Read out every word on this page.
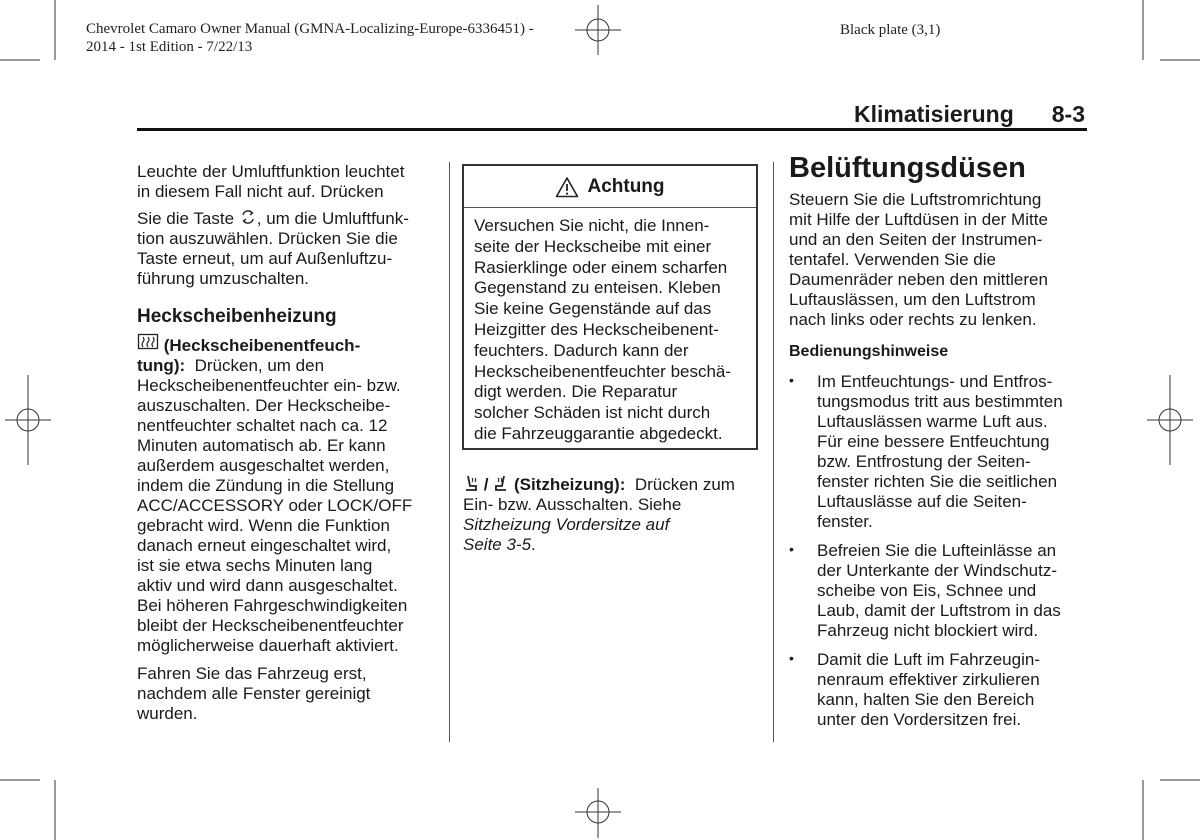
Chevrolet Camaro Owner Manual (GMNA-Localizing-Europe-6336451) -
2014 - 1st Edition - 7/22/13
Black plate (3,1)
Klimatisierung 8-3

Leuchte der Umluftfunktion leuchtet
in diesem Fall nicht auf. Drücken
Sie die Taste , um die Umluftfunk-
tion auszuwählen. Drücken Sie die
Taste erneut, um auf Außenluftzu-
führung umzuschalten.

Heckscheibenheizung

(Heckscheibenentfeuch-
tung): Drücken, um den
Heckscheibenentfeuchter ein- bzw.
auszuschalten. Der Heckscheibe-
nentfeuchter schaltet nach ca. 12
Minuten automatisch ab. Er kann
außerdem ausgeschaltet werden,
indem die Zündung in die Stellung
ACC/ACCESSORY oder LOCK/OFF
gebracht wird. Wenn die Funktion
danach erneut eingeschaltet wird,
ist sie etwa sechs Minuten lang
aktiv und wird dann ausgeschaltet.
Bei höheren Fahrgeschwindigkeiten
bleibt der Heckscheibenentfeuchter
möglicherweise dauerhaft aktiviert.

Fahren Sie das Fahrzeug erst,
nachdem alle Fenster gereinigt
wurden.

Achtung
Versuchen Sie nicht, die Innen-
seite der Heckscheibe mit einer
Rasierklinge oder einem scharfen
Gegenstand zu enteisen. Kleben
Sie keine Gegenstände auf das
Heizgitter des Heckscheibenent-
feuchters. Dadurch kann der
Heckscheibenentfeuchter beschä-
digt werden. Die Reparatur
solcher Schäden ist nicht durch
die Fahrzeuggarantie abgedeckt.
/ (Sitzheizung): Drücken zum
Ein- bzw. Ausschalten. Siehe
Sitzheizung Vordersitze auf
Seite 3-5.
Belüftungsdüsen

Steuern Sie die Luftstromrichtung
mit Hilfe der Luftdüsen in der Mitte
und an den Seiten der Instrumen-
tentafel. Verwenden Sie die
Daumenräder neben den mittleren
Luftauslässen, um den Luftstrom
nach links oder rechts zu lenken.

Bedienungshinweise
• Im Entfeuchtungs- und Entfros-
tungsmodus tritt aus bestimmten
Luftauslässen warme Luft aus.
Für eine bessere Entfeuchtung
bzw. Entfrostung der Seiten-
fenster richten Sie die seitlichen
Luftauslässe auf die Seiten-
fenster.
• Befreien Sie die Lufteinlässe an
der Unterkante der Windschutz-
scheibe von Eis, Schnee und
Laub, damit der Luftstrom in das
Fahrzeug nicht blockiert wird.
• Damit die Luft im Fahrzeugin-
nenraum effektiver zirkulieren
kann, halten Sie den Bereich
unter den Vordersitzen frei.
